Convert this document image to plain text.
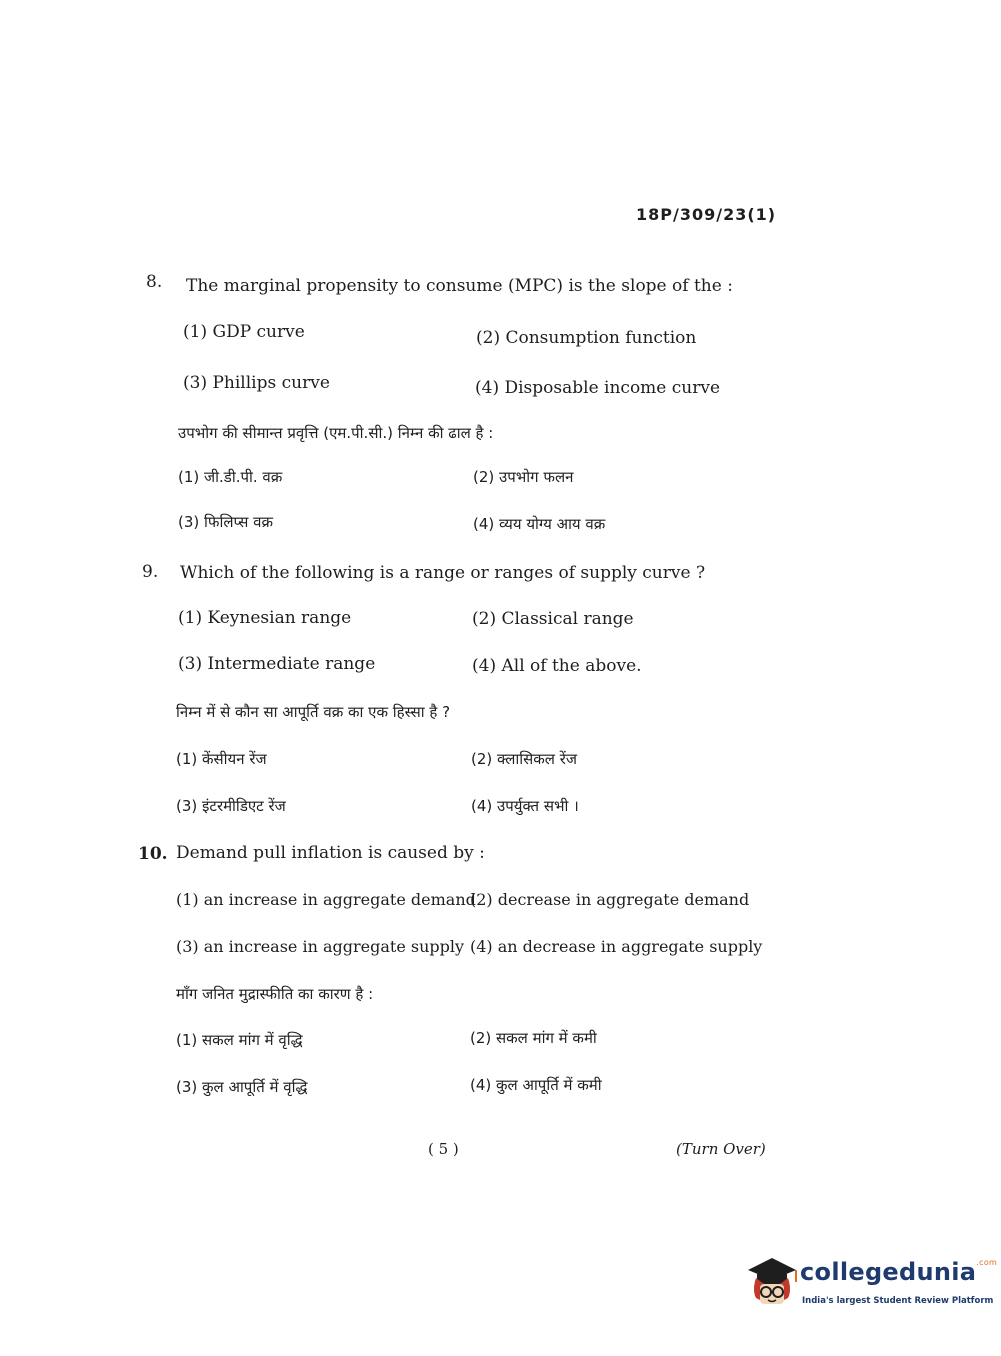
18P/309/23(1)
8. The marginal propensity to consume (MPC) is the slope of the :
(1) GDP curve	(2) Consumption function
(3) Phillips curve	(4) Disposable income curve
उपभोग की सीमान्त प्रवृत्ति (एम.पी.सी.) निम्न की ढाल है :
(1) जी.डी.पी. वक्र	(2) उपभोग फलन
(3) फिलिप्स वक्र	(4) व्यय योग्य आय वक्र
9. Which of the following is a range or ranges of supply curve ?
(1) Keynesian range	(2) Classical range
(3) Intermediate range	(4) All of the above.
निम्न में से कौन सा आपूर्ति वक्र का एक हिस्सा है ?
(1) केंसीयन रेंज	(2) क्लासिकल रेंज
(3) इंटरमीडिएट रेंज	(4) उपर्युक्त सभी ।
10. Demand pull inflation is caused by :
(1) an increase in aggregate demand
(2) decrease in aggregate demand
(3) an increase in aggregate supply (4) an decrease in aggregate supply
माँग जनित मुद्रास्फीति का कारण है :
(1) सकल मांग में वृद्धि	(2) सकल मांग में कमी
(3) कुल आपूर्ति में वृद्धि	(4) कुल आपूर्ति में कमी
( 5 )	(Turn Over)
collegedunia$^{.com}$
India's largest Student Review Platform
